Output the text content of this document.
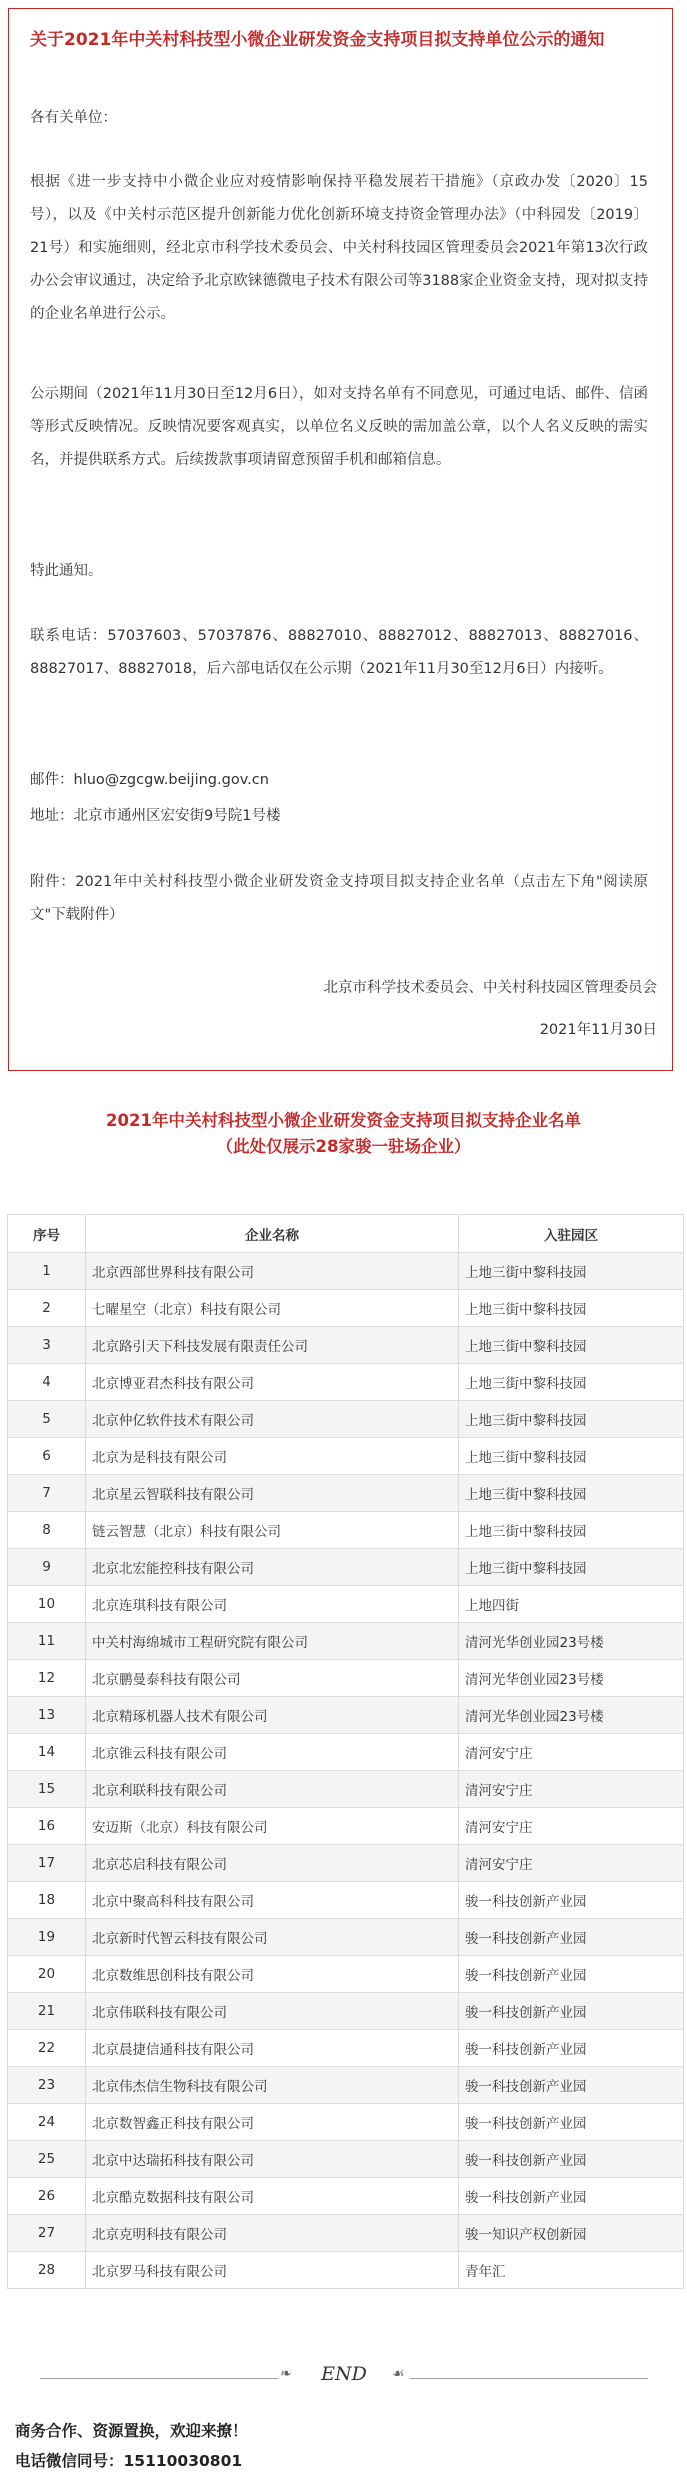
关于2021年中关村科技型小微企业研发资金支持项目拟支持单位公示的通知
各有关单位：
根据《进一步支持中小微企业应对疫情影响保持平稳发展若干措施》（京政办发〔2020〕15号），以及《中关村示范区提升创新能力优化创新环境支持资金管理办法》（中科园发〔2019〕21号）和实施细则，经北京市科学技术委员会、中关村科技园区管理委员会2021年第13次行政办公会审议通过，决定给予北京欧铼德微电子技术有限公司等3188家企业资金支持，现对拟支持的企业名单进行公示。
公示期间（2021年11月30日至12月6日），如对支持名单有不同意见，可通过电话、邮件、信函等形式反映情况。反映情况要客观真实，以单位名义反映的需加盖公章，以个人名义反映的需实名，并提供联系方式。后续拨款事项请留意预留手机和邮箱信息。
特此通知。
联系电话：57037603、57037876、88827010、88827012、88827013、88827016、88827017、88827018，后六部电话仅在公示期（2021年11月30至12月6日）内接听。
邮件：hluo@zgcgw.beijing.gov.cn
地址：北京市通州区宏安街9号院1号楼
附件：2021年中关村科技型小微企业研发资金支持项目拟支持企业名单（点击左下角"阅读原文"下载附件）
北京市科学技术委员会、中关村科技园区管理委员会
2021年11月30日
2021年中关村科技型小微企业研发资金支持项目拟支持企业名单
（此处仅展示28家骏一驻场企业）
序号	企业名称	入驻园区
1	北京西部世界科技有限公司	上地三街中黎科技园
2	七曜星空（北京）科技有限公司	上地三街中黎科技园
3	北京路引天下科技发展有限责任公司	上地三街中黎科技园
4	北京博亚君杰科技有限公司	上地三街中黎科技园
5	北京仲亿软件技术有限公司	上地三街中黎科技园
6	北京为是科技有限公司	上地三街中黎科技园
7	北京星云智联科技有限公司	上地三街中黎科技园
8	链云智慧（北京）科技有限公司	上地三街中黎科技园
9	北京北宏能控科技有限公司	上地三街中黎科技园
10	北京连琪科技有限公司	上地四街
11	中关村海绵城市工程研究院有限公司	清河光华创业园23号楼
12	北京鹏曼泰科技有限公司	清河光华创业园23号楼
13	北京精琢机器人技术有限公司	清河光华创业园23号楼
14	北京锥云科技有限公司	清河安宁庄
15	北京利联科技有限公司	清河安宁庄
16	安迈斯（北京）科技有限公司	清河安宁庄
17	北京芯启科技有限公司	清河安宁庄
18	北京中聚高科科技有限公司	骏一科技创新产业园
19	北京新时代智云科技有限公司	骏一科技创新产业园
20	北京数维思创科技有限公司	骏一科技创新产业园
21	北京伟联科技有限公司	骏一科技创新产业园
22	北京晨捷信通科技有限公司	骏一科技创新产业园
23	北京伟杰信生物科技有限公司	骏一科技创新产业园
24	北京数智鑫正科技有限公司	骏一科技创新产业园
25	北京中达瑞拓科技有限公司	骏一科技创新产业园
26	北京酷克数据科技有限公司	骏一科技创新产业园
27	北京克明科技有限公司	骏一知识产权创新园
28	北京罗马科技有限公司	青年汇
❧	END	☙
商务合作、资源置换，欢迎来撩！
电话微信同号：15110030801
